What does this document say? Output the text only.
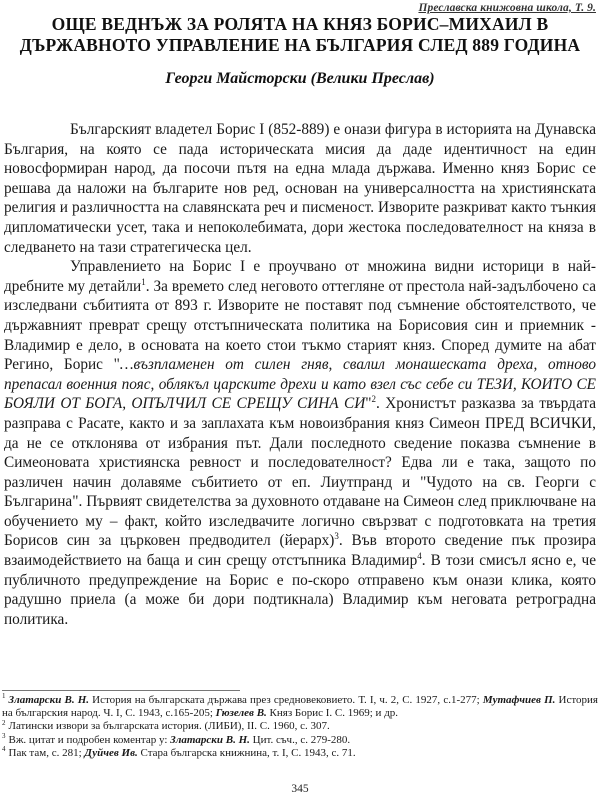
Преславска книжовна школа, Т. 9.
ОЩЕ ВЕДНЪЖ ЗА РОЛЯТА НА КНЯЗ БОРИС–МИХАИЛ В
ДЪРЖАВНОТО УПРАВЛЕНИЕ НА БЪЛГАРИЯ СЛЕД 889 ГОДИНА
Георги Майсторски (Велики Преслав)

Българският владетел Борис I (852-889) е онази фигура в историята на Дунавска България, на която се пада историческата мисия да даде идентичност на един новосформиран народ, да посочи пътя на една млада държава. Именно княз Борис се решава да наложи на българите нов ред, основан на универсалността на християнската религия и различността на славянската реч и писменост. Изворите разкриват както тънкия дипломатически усет, така и непоколебимата, дори жестока последователност на княза в следването на тази стратегическа цел.

Управлението на Борис I е проучвано от множина видни историци в най-дребните му детайли$^1$. За времето след неговото оттегляне от престола най-задълбочено са изследвани събитията от 893 г. Изворите не поставят под съмнение обстоятелството, че държавният преврат срещу отстъпническата политика на Борисовия син и приемник - Владимир е дело, в основата на което стои тъкмо старият княз. Според думите на абат Регино, Борис "…възпламенен от силен гняв, свалил монашеската дреха, отново препасал военния пояс, облякъл царските дрехи и като взел със себе си ТЕЗИ, КОИТО СЕ БОЯЛИ ОТ БОГА, ОПЪЛЧИЛ СЕ СРЕЩУ СИНА СИ"$^2$. Хронистът разказва за твърдата разправа с Расате, както и за заплахата към новоизбрания княз Симеон ПРЕД ВСИЧКИ, да не се отклонява от избрания път. Дали последното сведение показва съмнение в Симеоновата християнска ревност и последователност? Едва ли е така, защото по различен начин долавяме събитието от еп. Лиутпранд и "Чудото на св. Георги с Българина". Първият свидетелства за духовното отдаване на Симеон след приключване на обучението му – факт, който изследвачите логично свързват с подготовката на третия Борисов син за църковен предводител (йерарх)$^3$. Във второто сведение пък прозира взаимодействието на баща и син срещу отстъпника Владимир$^4$. В този смисъл ясно е, че публичното предупреждение на Борис е по-скоро отправено към онази клика, която радушно приела (а може би дори подтикнала) Владимир към неговата ретроградна политика.

$^1$ Златарски В. Н. История на българската държава през средновековието. Т. I, ч. 2, С. 1927, с.1-277; Мутафчиев П. История на българския народ. Ч. I, С. 1943, с.165-205; Гюзелев В. Княз Борис I. С. 1969; и др.

$^2$ Латински извори за българската история. (ЛИБИ), II. С. 1960, с. 307.

$^3$ Вж. цитат и подробен коментар у: Златарски В. Н. Цит. съч., с. 279-280.

$^4$ Пак там, с. 281; Дуйчев Ив. Стара българска книжнина, т. I, С. 1943, с. 71.

345
